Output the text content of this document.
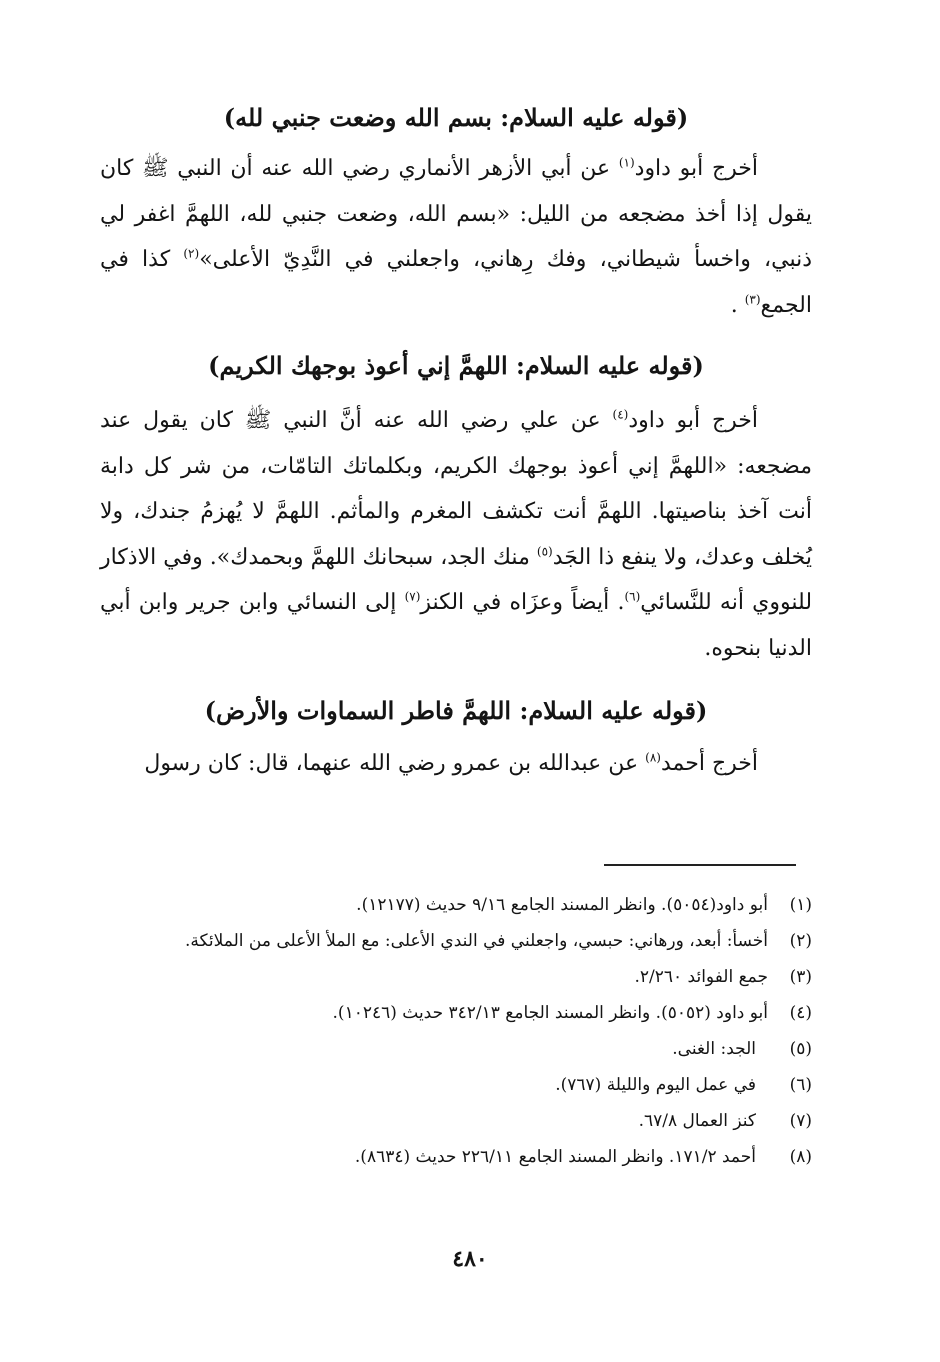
(قوله عليه السلام: بسم الله وضعت جنبي لله)

أخرج أبو داود$^{(١)}$ عن أبي الأزهر الأنماري رضي الله عنه أن النبي ﷺ كان يقول إذا أخذ مضجعه من الليل: «بسم الله، وضعت جنبي لله، اللهمَّ اغفر لي ذنبي، واخسأ شيطاني، وفك رِهاني، واجعلني في النَّدِيّ الأعلى»$^{(٢)}$ كذا في الجمع$^{(٣)}$ .

(قوله عليه السلام: اللهمَّ إني أعوذ بوجهك الكريم)

أخرج أبو داود$^{(٤)}$ عن علي رضي الله عنه أنَّ النبي ﷺ كان يقول عند مضجعه: «اللهمَّ إني أعوذ بوجهك الكريم، وبكلماتك التامّات، من شر كل دابة أنت آخذ بناصيتها. اللهمَّ أنت تكشف المغرم والمأثم. اللهمَّ لا يُهزمُ جندك، ولا يُخلف وعدك، ولا ينفع ذا الجَد$^{(٥)}$ منك الجد، سبحانك اللهمَّ وبحمدك». وفي الاذكار للنووي أنه للنَّسائي$^{(٦)}$. أيضاً وعزَاه في الكنز$^{(٧)}$ إلى النسائي وابن جرير وابن أبي الدنيا بنحوه.

(قوله عليه السلام: اللهمَّ فاطر السماوات والأرض)

أخرج أحمد$^{(٨)}$ عن عبدالله بن عمرو رضي الله عنهما، قال: كان رسول

(١)
أبو داود(٥٠٥٤). وانظر المسند الجامع ٩/١٦ حديث (١٢١٧٧).
(٢)
أخسأ: أبعد، ورهاني: حبسي، واجعلني في الندي الأعلى: مع الملأ الأعلى من الملائكة.
(٣)
جمع الفوائد ٢/٢٦٠.
(٤)
أبو داود (٥٠٥٢). وانظر المسند الجامع ٣٤٢/١٣ حديث (١٠٢٤٦).
(٥)
الجد: الغنى.
(٦)
في عمل اليوم والليلة (٧٦٧).
(٧)
كنز العمال ٦٧/٨.
(٨)
أحمد ١٧١/٢. وانظر المسند الجامع ٢٢٦/١١ حديث (٨٦٣٤).
٤٨٠
